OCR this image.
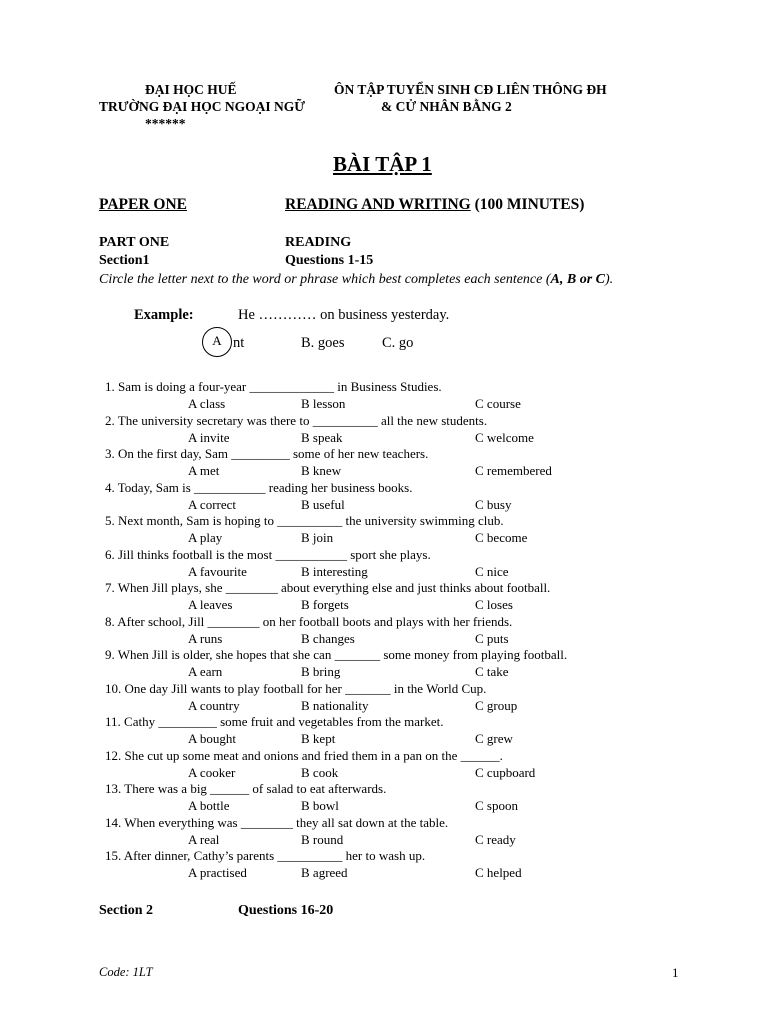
ĐẠI HỌC HUẾ	ÔN TẬP TUYỂN SINH CĐ LIÊN THÔNG ĐH
TRƯỜNG ĐẠI HỌC NGOẠI NGỮ	& CỬ NHÂN BẰNG 2
******
BÀI TẬP 1
PAPER ONE	READING AND WRITING (100 MINUTES)
PART ONE	READING
Section1	Questions 1-15
Circle the letter next to the word or phrase which best completes each sentence (A, B or C).
Example:	He ………… on business yesterday.
A nt	B. goes	C. go
1. Sam is doing a four-year _____________ in Business Studies.
A class	B lesson	C course
2. The university secretary was there to __________ all the new students.
A invite	B speak	C welcome
3. On the first day, Sam _________ some of her new teachers.
A met	B knew	C remembered
4. Today, Sam is ___________ reading her business books.
A correct	B useful	C busy
5. Next month, Sam is hoping to __________ the university swimming club.
A play	B join	C become
6. Jill thinks football is the most ___________ sport she plays.
A favourite	B interesting	C nice
7. When Jill plays, she ________ about everything else and just thinks about football.
A leaves	B forgets	C loses
8. After school, Jill ________ on her football boots and plays with her friends.
A runs	B changes	C puts
9. When Jill is older, she hopes that she can _______ some money from playing football.
A earn	B bring	C take
10. One day Jill wants to play football for her _______ in the World Cup.
A country	B nationality	C group
11. Cathy _________ some fruit and vegetables from the market.
A bought	B kept	C grew
12. She cut up some meat and onions and fried them in a pan on the ______.
A cooker	B cook	C cupboard
13. There was a big ______ of salad to eat afterwards.
A bottle	B bowl	C spoon
14. When everything was ________ they all sat down at the table.
A real	B round	C ready
15. After dinner, Cathy’s parents __________ her to wash up.
A practised	B agreed	C helped
Section 2	Questions 16-20
Code: 1LT	1
